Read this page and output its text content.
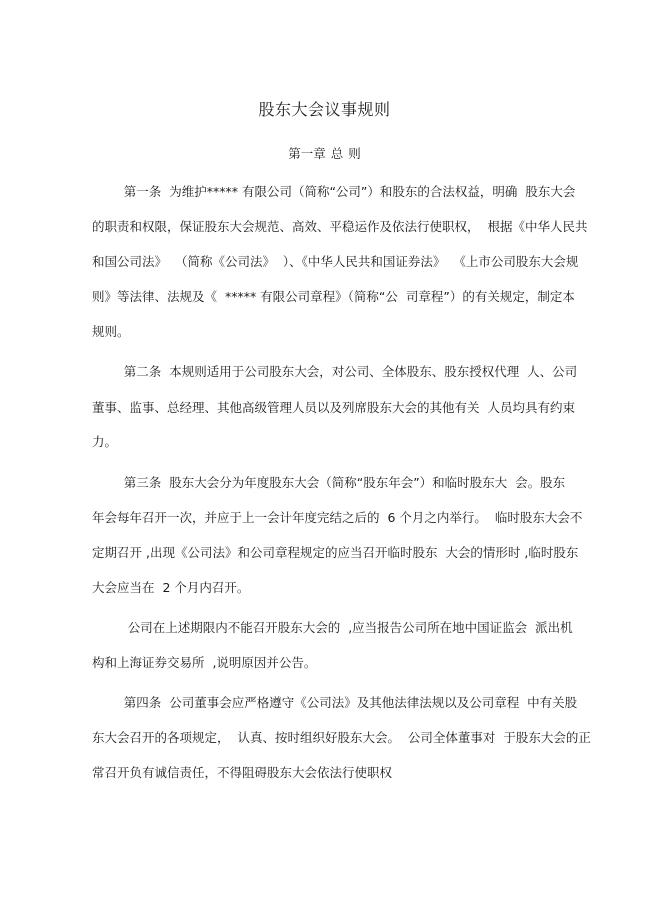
股东大会议事规则
第一章 总 则
第一条  为维护***** 有限公司（简称“公司”）和股东的合法权益，明确  股东大会
的职责和权限，保证股东大会规范、高效、平稳运作及依法行使职权，  根据《中华人民共
和国公司法》  （简称《公司法》  ）、《中华人民共和国证券法》  《上市公司股东大会规
则》等法律、法规及《  ***** 有限公司章程》（简称“公  司章程”）的有关规定，制定本
规则。
第二条  本规则适用于公司股东大会，对公司、全体股东、股东授权代理  人、公司
董事、监事、总经理、其他高级管理人员以及列席股东大会的其他有关  人员均具有约束
力。
第三条  股东大会分为年度股东大会（简称“股东年会”）和临时股东大  会。股东
年会每年召开一次，并应于上一会计年度完结之后的  6 个月之内举行。  临时股东大会不
定期召开 ,出现《公司法》和公司章程规定的应当召开临时股东  大会的情形时 ,临时股东
大会应当在  2 个月内召开。
公司在上述期限内不能召开股东大会的  ,应当报告公司所在地中国证监会  派出机
构和上海证券交易所  ,说明原因并公告。
第四条  公司董事会应严格遵守《公司法》及其他法律法规以及公司章程  中有关股
东大会召开的各项规定，  认真、按时组织好股东大会。  公司全体董事对  于股东大会的正
常召开负有诚信责任，不得阻碍股东大会依法行使职权
